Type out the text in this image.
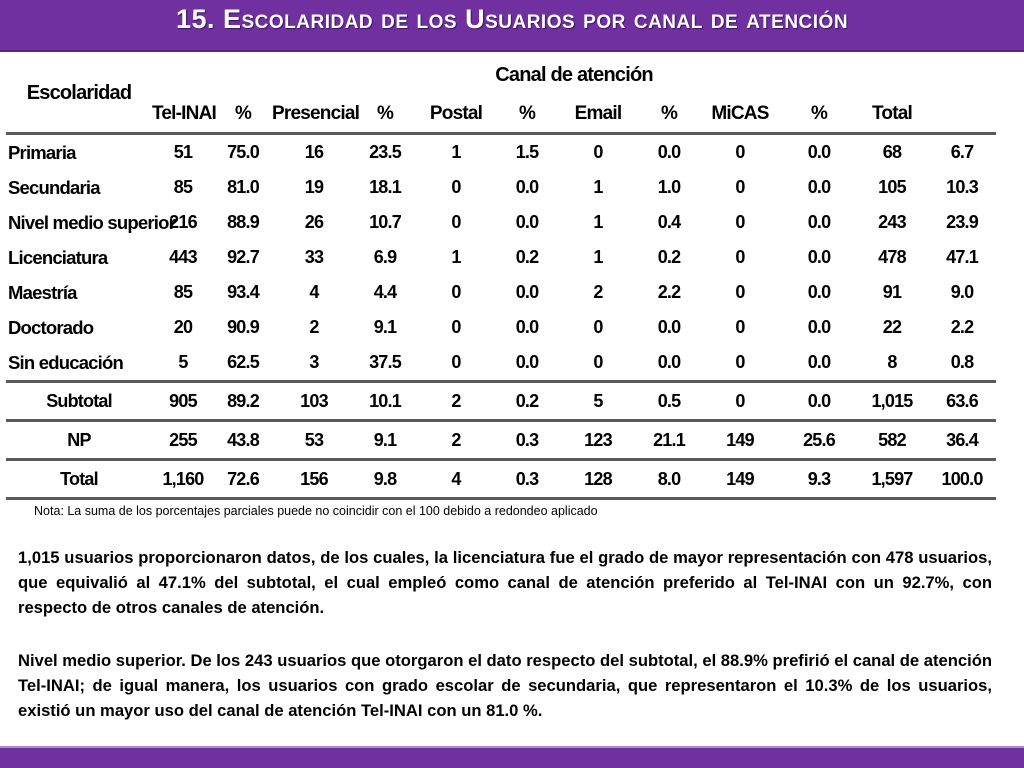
15. Escolaridad de los Usuarios por canal de atención
Escolaridad	Canal de atención												
	Tel-INAI	%	Presencial	%	Postal	%	Email	%	MiCAS	%	Total		
Primaria	51	75.0	16	23.5	1	1.5	0	0.0	0	0.0	68	6.7	
Secundaria	85	81.0	19	18.1	0	0.0	1	1.0	0	0.0	105	10.3	
Nivel medio superior	216	88.9	26	10.7	0	0.0	1	0.4	0	0.0	243	23.9	
Licenciatura	443	92.7	33	6.9	1	0.2	1	0.2	0	0.0	478	47.1	
Maestría	85	93.4	4	4.4	0	0.0	2	2.2	0	0.0	91	9.0	
Doctorado	20	90.9	2	9.1	0	0.0	0	0.0	0	0.0	22	2.2	
Sin educación	5	62.5	3	37.5	0	0.0	0	0.0	0	0.0	8	0.8	
Subtotal	905	89.2	103	10.1	2	0.2	5	0.5	0	0.0	1,015	63.6	
NP	255	43.8	53	9.1	2	0.3	123	21.1	149	25.6	582	36.4	
Total	1,160	72.6	156	9.8	4	0.3	128	8.0	149	9.3	1,597	100.0	
Nota: La suma de los porcentajes parciales puede no coincidir con el 100 debido a redondeo aplicado
1,015 usuarios proporcionaron datos, de los cuales, la licenciatura fue el grado de mayor representación con 478 usuarios, que equivalió al 47.1% del subtotal, el cual empleó como canal de atención preferido al Tel-INAI con un 92.7%, con respecto de otros canales de atención.
Nivel medio superior. De los 243 usuarios que otorgaron el dato respecto del subtotal, el 88.9% prefirió el canal de atención Tel-INAI; de igual manera, los usuarios con grado escolar de secundaria, que representaron el 10.3% de los usuarios, existió un mayor uso del canal de atención Tel-INAI con un 81.0 %.
